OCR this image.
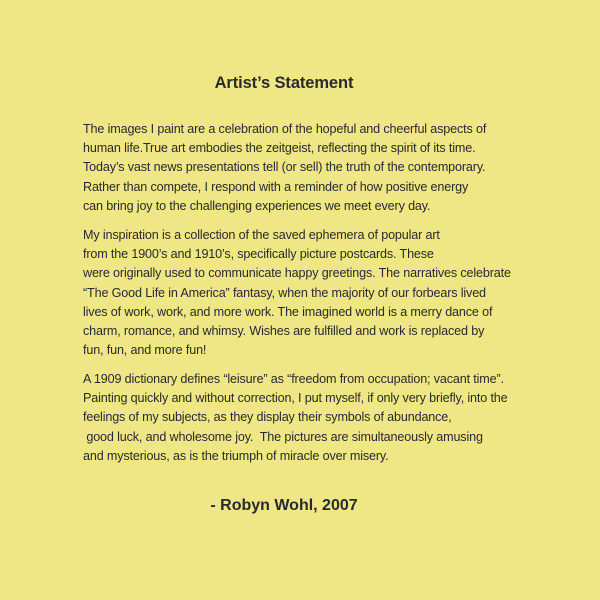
Artist’s Statement
The images I paint are a celebration of the hopeful and cheerful aspects of
human life.True art embodies the zeitgeist, reflecting the spirit of its time.
Today’s vast news presentations tell (or sell) the truth of the contemporary.
Rather than compete, I respond with a reminder of how positive energy
can bring joy to the challenging experiences we meet every day.
My inspiration is a collection of the saved ephemera of popular art
from the 1900’s and 1910’s, specifically picture postcards. These
were originally used to communicate happy greetings. The narratives celebrate
“The Good Life in America” fantasy, when the majority of our forbears lived
lives of work, work, and more work. The imagined world is a merry dance of
charm, romance, and whimsy. Wishes are fulfilled and work is replaced by
fun, fun, and more fun!
A 1909 dictionary defines “leisure” as “freedom from occupation; vacant time”.
Painting quickly and without correction, I put myself, if only very briefly, into the
feelings of my subjects, as they display their symbols of abundance,
good luck, and wholesome joy.  The pictures are simultaneously amusing
and mysterious, as is the triumph of miracle over misery.
- Robyn Wohl, 2007
